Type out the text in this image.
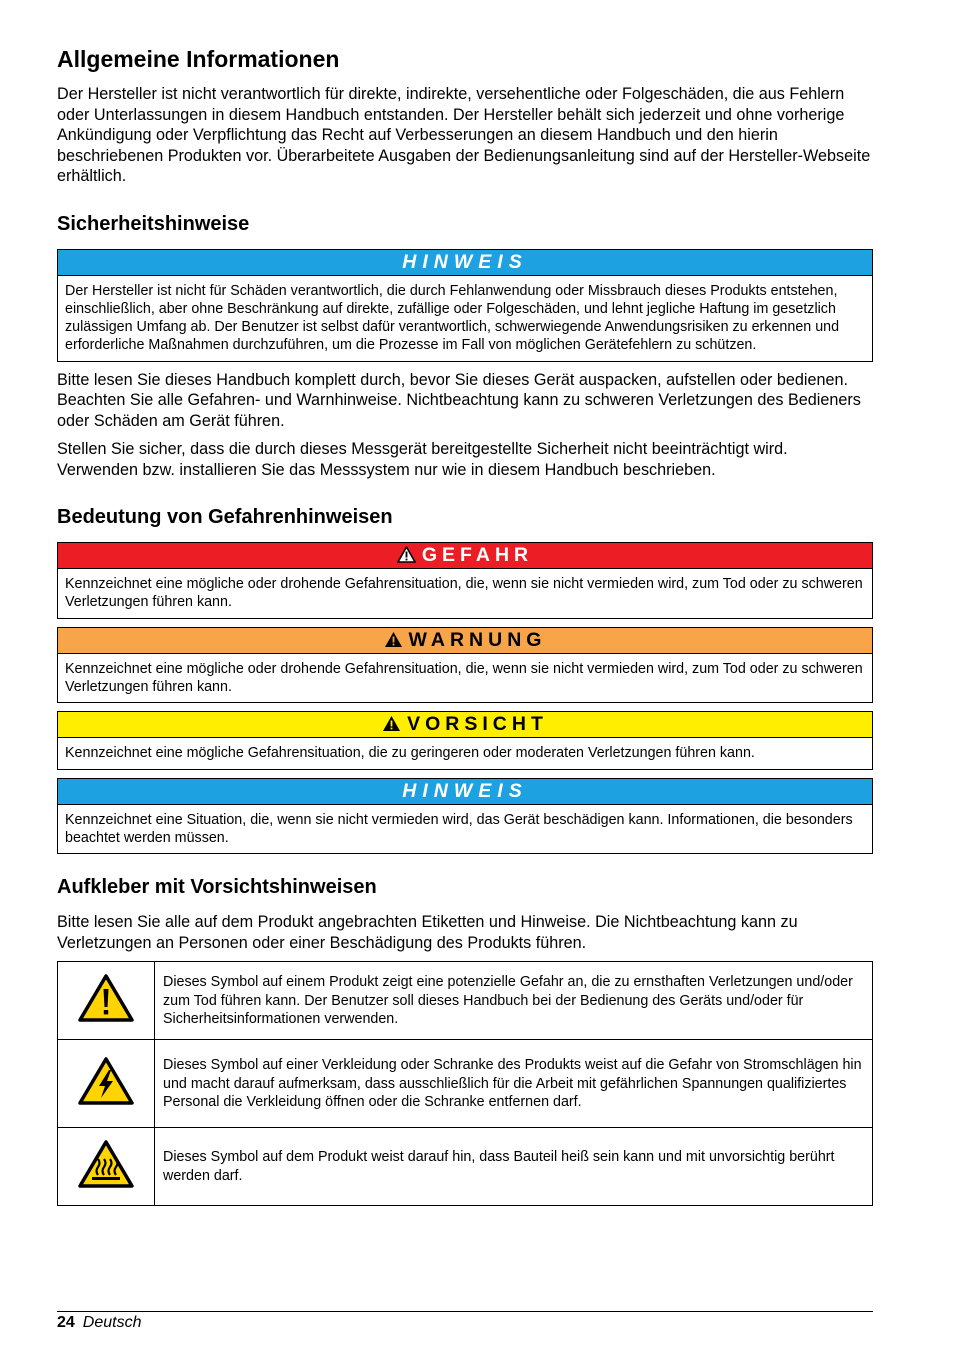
Allgemeine Informationen

Der Hersteller ist nicht verantwortlich für direkte, indirekte, versehentliche oder Folgeschäden, die aus Fehlern oder Unterlassungen in diesem Handbuch entstanden. Der Hersteller behält sich jederzeit und ohne vorherige Ankündigung oder Verpflichtung das Recht auf Verbesserungen an diesem Handbuch und den hierin beschriebenen Produkten vor. Überarbeitete Ausgaben der Bedienungsanleitung sind auf der Hersteller-Webseite erhältlich.

Sicherheitshinweise
HINWEIS
Der Hersteller ist nicht für Schäden verantwortlich, die durch Fehlanwendung oder Missbrauch dieses Produkts entstehen, einschließlich, aber ohne Beschränkung auf direkte, zufällige oder Folgeschäden, und lehnt jegliche Haftung im gesetzlich zulässigen Umfang ab. Der Benutzer ist selbst dafür verantwortlich, schwerwiegende Anwendungsrisiken zu erkennen und erforderliche Maßnahmen durchzuführen, um die Prozesse im Fall von möglichen Gerätefehlern zu schützen.

Bitte lesen Sie dieses Handbuch komplett durch, bevor Sie dieses Gerät auspacken, aufstellen oder bedienen. Beachten Sie alle Gefahren- und Warnhinweise. Nichtbeachtung kann zu schweren Verletzungen des Bedieners oder Schäden am Gerät führen.

Stellen Sie sicher, dass die durch dieses Messgerät bereitgestellte Sicherheit nicht beeinträchtigt wird. Verwenden bzw. installieren Sie das Messsystem nur wie in diesem Handbuch beschrieben.

Bedeutung von Gefahrenhinweisen
GEFAHR
Kennzeichnet eine mögliche oder drohende Gefahrensituation, die, wenn sie nicht vermieden wird, zum Tod oder zu schweren Verletzungen führen kann.
WARNUNG
Kennzeichnet eine mögliche oder drohende Gefahrensituation, die, wenn sie nicht vermieden wird, zum Tod oder zu schweren Verletzungen führen kann.
VORSICHT
Kennzeichnet eine mögliche Gefahrensituation, die zu geringeren oder moderaten Verletzungen führen kann.
HINWEIS
Kennzeichnet eine Situation, die, wenn sie nicht vermieden wird, das Gerät beschädigen kann. Informationen, die besonders beachtet werden müssen.
Aufkleber mit Vorsichtshinweisen

Bitte lesen Sie alle auf dem Produkt angebrachten Etiketten und Hinweise. Die Nichtbeachtung kann zu Verletzungen an Personen oder einer Beschädigung des Produkts führen.

	Dieses Symbol auf einem Produkt zeigt eine potenzielle Gefahr an, die zu ernsthaften Verletzungen und/oder zum Tod führen kann. Der Benutzer soll dieses Handbuch bei der Bedienung des Geräts und/oder für Sicherheitsinformationen verwenden.
	Dieses Symbol auf einer Verkleidung oder Schranke des Produkts weist auf die Gefahr von Stromschlägen hin und macht darauf aufmerksam, dass ausschließlich für die Arbeit mit gefährlichen Spannungen qualifiziertes Personal die Verkleidung öffnen oder die Schranke entfernen darf.
	Dieses Symbol auf dem Produkt weist darauf hin, dass Bauteil heiß sein kann und mit unvorsichtig berührt werden darf.
24 Deutsch
